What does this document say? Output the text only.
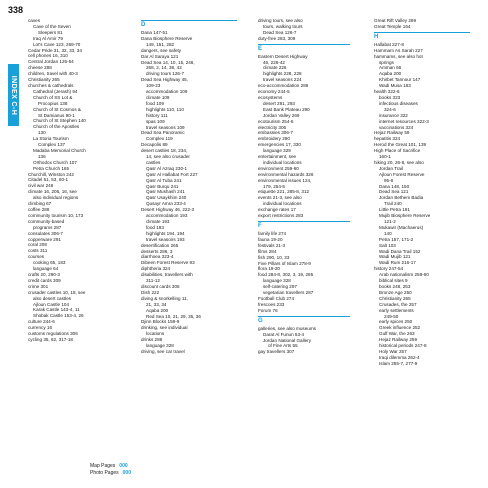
338
INDEX C-H

caves

Cave of the Seven

Sleepers 81

Iraq Al Amir 79

Lot's Cave 123, 269-70

Cedar Pride 31, 32, 33, 34

cell phones 16, 310

Central Jordan 126-54

cheese 288

children, travel with 40-3

Christianity 265

churches & cathedrals

Cathedral (Jerash) 94

Church of SS Lot &

Procopius 138

Church of St Cosmos &

St Damianus 90-1

Church of St Stephen 140

Church of the Apostles

130

La Storia Tourism

Complex 137

Madaba Memorial Church

136

Orthodox Church 107

Petra Church 165

Churchill, Winston 242

Citadel 51, 53, 60-1

civil war 246

climate 16, 206, 16, see

also individual regions

climbing 67

coffee 288

community tourism 10, 173

community-based

programs 287

consulates 306-7

copperware 291

coral 208

costs 311

courses

cooking 65, 183

language 64

crafts 20, 290-3

credit cards 309

crime 301

crusader castles 10, 18, see

also desert castles

Ajloun Castle 104

Karak Castle 143-4, 11

Shobak Castle 153-4, 26

culture 244-6

currency 16

customs regulations 306

cycling 35, 62, 317-18

D

Dana 147-51

Dana Biosphere Reserve

149, 151, 282

dangers, see safety

Dar Al Saraya 121

Dead Sea 14, 10, 15, 246,

268, 2, 14, 38, 42

driving tours 126-7

Dead Sea Highway 45,

109-23

accommodation 109

climate 109

food 109

highlights 110, 110

history 111

spas 109

travel seasons 109

Dead Sea Panoramic

Complex 119

Decapolis 89

desert castles 18, 234,

14, see also crusader

castles

Qasr Al Azraq 230-1

Qasr Al Hallabat Fort 227

Qasr Al Tuba 241

Qasr Burqu 241

Qasr Mushash 241

Qasr Usaykhim 240

Qusayr Amra 233-4

Desert Highway 46, 222-3

accommodation 193

climate 193

food 193

highlights 194, 194

travel seasons 193

desertification 265

desserts 286, 3

diarrhoea 323-4

Dibeen Forest Reserve 93

diphtheria 324

disabilities, travellers with

311-12

discount cards 306

Dish 222

diving & snorkelling 11,

21, 33, 34

Aqaba 200

Red Sea 10, 21, 29, 35, 36

Djinn Blocks 159-9

drinking, see individual

locations

drinks 288

language 328

driving, see car travel

driving tours, see also

tours, walking tours

Dead Sea 126-7

duty-free 283, 309

E

Eastern Desert Highway

46, 226-42

climate 226

highlights 228, 228

travel seasons 224

eco-accommodation 286

economy 244-5

ecosystems

desert 291, 293

East Bank Plateau 290

Jordan Valley 269

ecotourism 254-5

electricity 306

embassies 306-7

embroidery 290

emergencies 17, 330

language 329

entertainment, see

individual locations

environment 259-60

environmental hazards 326

environmental issues 124,

179, 254-5

etiquette 221, 285-8, 312

events 21-3, see also

individual locations

exchange rates 17

export restrictions 283

F

family life 274

fauna 19-20

festivals 21-3

films 284

fish 290, 10, 33

Five Pillars of Islam 278-9

flora 19-20

food 284-8, 302, 3, 19, 285

language 328

self-catering 297

vegetarian travellers 287

Football Club 274

frescoes 233

Forum 76

G

galleries, see also museums

Darat Al Funun 53-4

Jordan National Gallery

of Fine Arts 55

gay travellers 307

Great Rift Valley 269

Great Temple 164

H

Hallabat 227-8

Hammam As Sarah 227

hammams, see also hot

springs

Amman 66

Aqaba 200

Khirbet Tannour 147

Wadi Musa 183

health 322-6

books 323

infectious diseases

324-6

insurance 322

internet resources 322-3

vaccinations 324

Hejaz Railway 59

hepatitis 324

Herod the Great 101, 139

High Place of Sacrifice

160-1

hiking 20, 26-8, see also

Jordan Trail

Ajloun Forest Reserve

95-6

Dana 148, 150

Dead Sea 121

Jordan Bethem Badia

Trail 240

Little Petra 191

Mujib Biosphere Reserve

121-2

Mukawir (Machaerus)

140

Petra 157, 171-2

Salt 103

Wadi Dana Trail 152

Wadi Mujib 121

Wadi Rum 216-17

history 247-54

Arab nationalism 258-60

biblical sites 9

books 248, 253

Bronze Age 250

Christianity 265

Crusades, the 257

early settlements

249-50

early spices 250

Greek influence 252

Gulf War, the 263

Hejaz Railway 259

historical periods 247-8

Holy War 257

Iraqi dilemma 262-4

Islam 255-7, 277-9

Map Pages 000
Photo Pages 000
